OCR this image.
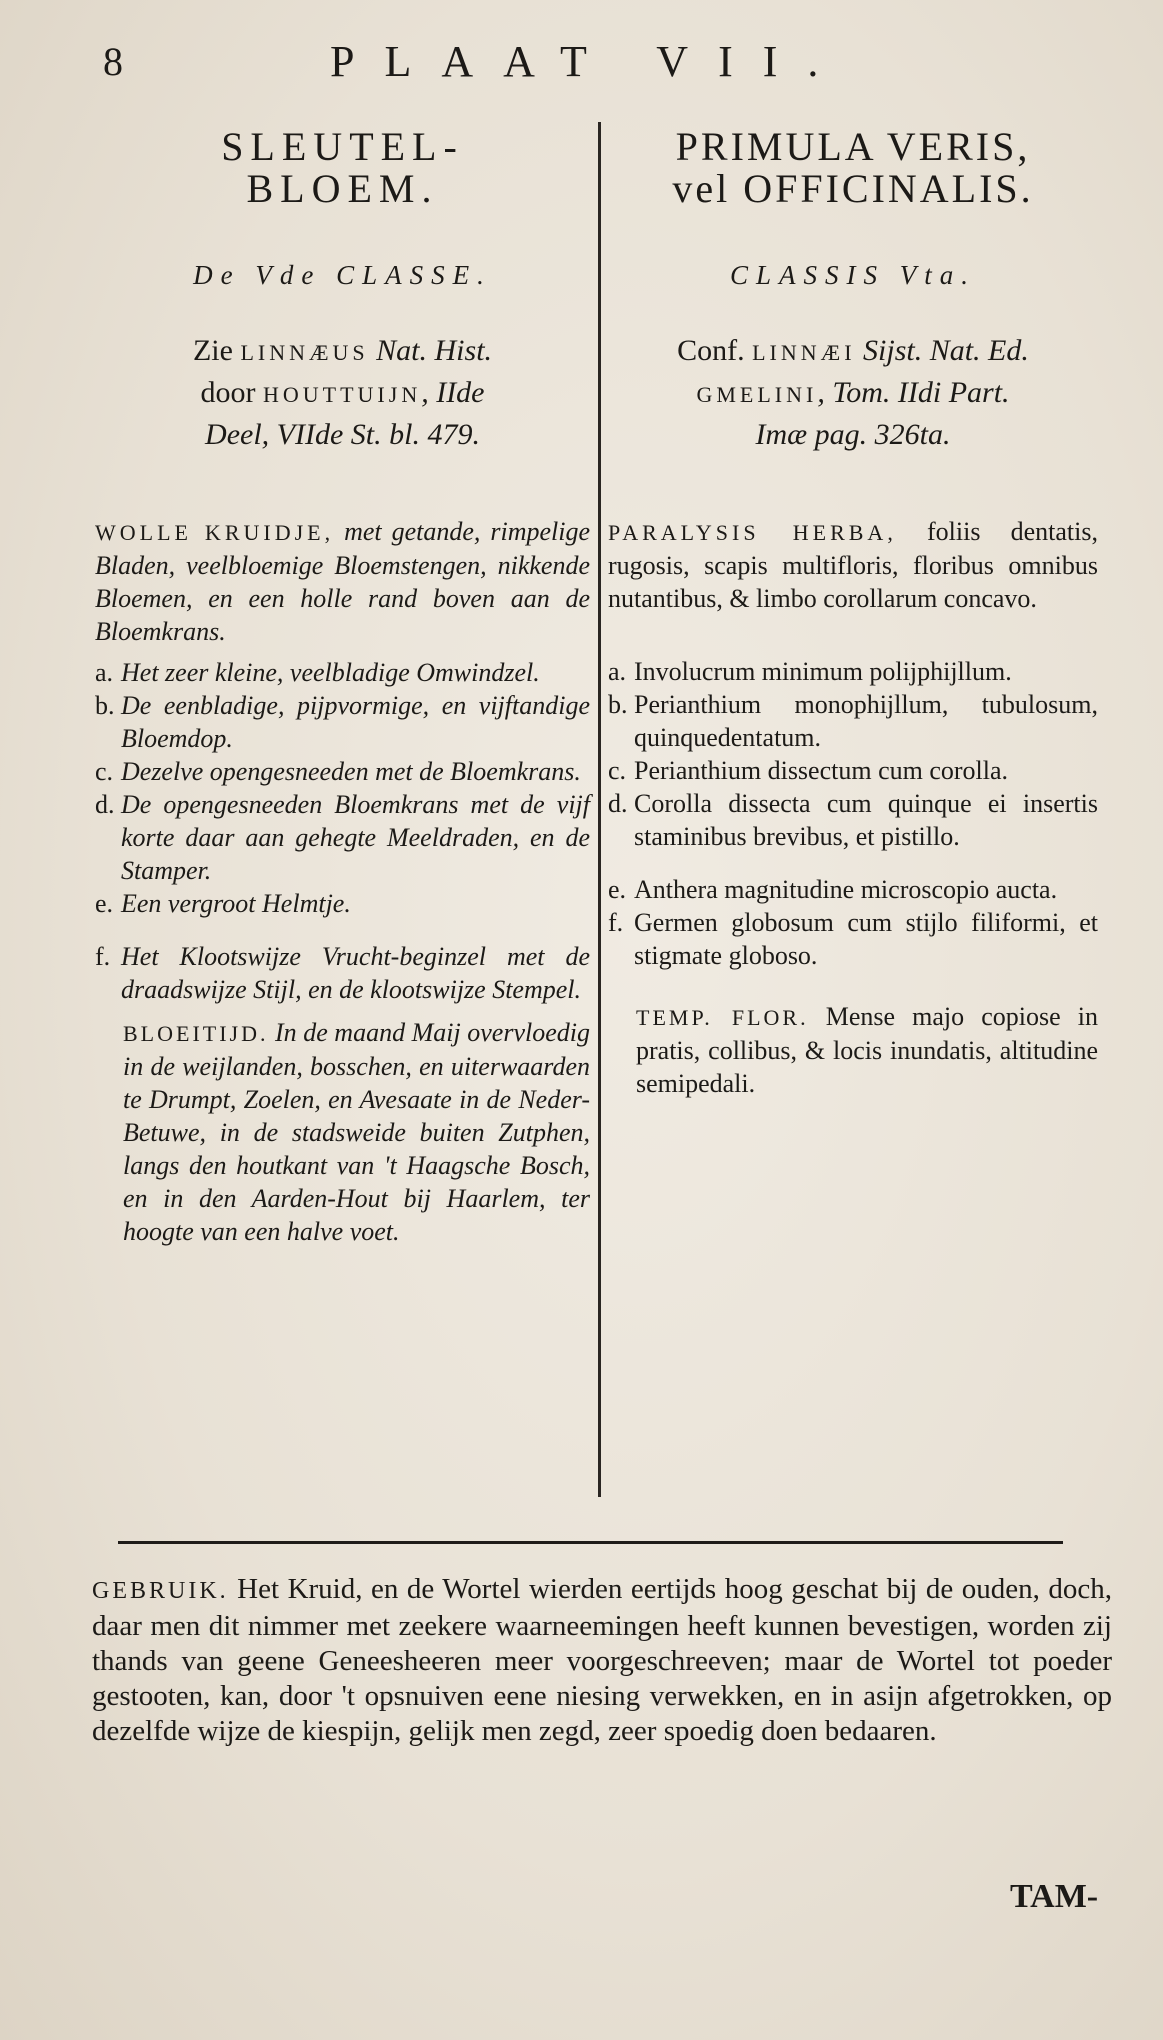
8	PLAAT VII.
SLEUTEL-
BLOEM.
De Vde CLASSE.
Zie LINNÆUS Nat. Hist.
door HOUTTUIJN, IIde
Deel, VIIde St. bl. 479.
WOLLE KRUIDJE, met getande, rimpelige Bladen, veelbloemige Bloemstengen, nikkende Bloemen, en een holle rand boven aan de Bloemkrans.
a. Het zeer kleine, veelbladige Omwindzel.
b. De eenbladige, pijpvormige, en vijftandige Bloemdop.
c. Dezelve opengesneeden met de Bloemkrans.
d. De opengesneeden Bloemkrans met de vijf korte daar aan gehegte Meeldraden, en de Stamper.
e. Een vergroot Helmtje.
f. Het Klootswijze Vrucht-beginzel met de draadswijze Stijl, en de klootswijze Stempel.
BLOEITIJD. In de maand Maij overvloedig in de weijlanden, bosschen, en uiterwaarden te Drumpt, Zoelen, en Avesaate in de Neder-Betuwe, in de stadsweide buiten Zutphen, langs den houtkant van 't Haagsche Bosch, en in den Aarden-Hout bij Haarlem, ter hoogte van een halve voet.
PRIMULA VERIS,
vel OFFICINALIS.
CLASSIS Vta.
Conf. LINNÆI Sijst. Nat. Ed.
GMELINI, Tom. IIdi Part.
Imæ pag. 326ta.
PARALYSIS HERBA, foliis dentatis, rugosis, scapis multifloris, floribus omnibus nutantibus, & limbo corollarum concavo.
a. Involucrum minimum polijphijllum.
b. Perianthium monophijllum, tubulosum, quinquedentatum.
c. Perianthium dissectum cum corolla.
d. Corolla dissecta cum quinque ei insertis staminibus brevibus, et pistillo.
e. Anthera magnitudine microscopio aucta.
f. Germen globosum cum stijlo filiformi, et stigmate globoso.
TEMP. FLOR. Mense majo copiose in pratis, collibus, & locis inundatis, altitudine semipedali.
GEBRUIK. Het Kruid, en de Wortel wierden eertijds hoog geschat bij de ouden, doch, daar men dit nimmer met zeekere waarneemingen heeft kunnen bevestigen, worden zij thands van geene Geneesheeren meer voorgeschreeven; maar de Wortel tot poeder gestooten, kan, door 't opsnuiven eene niesing verwekken, en in asijn afgetrokken, op dezelfde wijze de kiespijn, gelijk men zegd, zeer spoedig doen bedaaren.
TAM-
